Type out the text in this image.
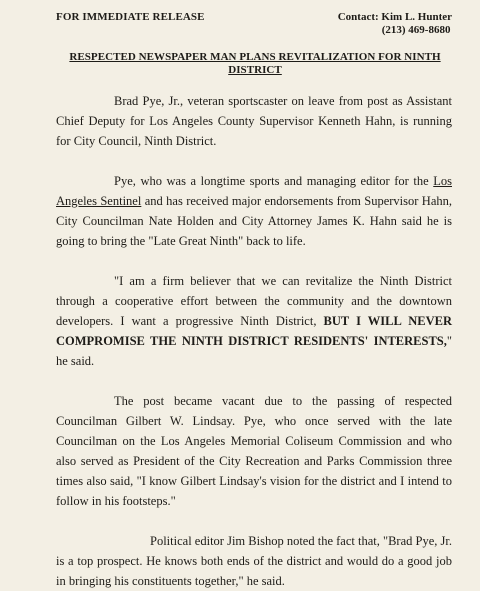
FOR IMMEDIATE RELEASE	Contact: Kim L. Hunter
(213) 469-8680
RESPECTED NEWSPAPER MAN PLANS REVITALIZATION FOR NINTH DISTRICT

Brad Pye, Jr., veteran sportscaster on leave from post as Assistant Chief Deputy for Los Angeles County Supervisor Kenneth Hahn, is running for City Council, Ninth District.

Pye, who was a longtime sports and managing editor for the Los Angeles Sentinel and has received major endorsements from Supervisor Hahn, City Councilman Nate Holden and City Attorney James K. Hahn said he is going to bring the "Late Great Ninth" back to life.

"I am a firm believer that we can revitalize the Ninth District through a cooperative effort between the community and the downtown developers. I want a progressive Ninth District, BUT I WILL NEVER COMPROMISE THE NINTH DISTRICT RESIDENTS' INTERESTS," he said.

The post became vacant due to the passing of respected Councilman Gilbert W. Lindsay. Pye, who once served with the late Councilman on the Los Angeles Memorial Coliseum Commission and who also served as President of the City Recreation and Parks Commission three times also said, "I know Gilbert Lindsay's vision for the district and I intend to follow in his footsteps."

Political editor Jim Bishop noted the fact that, "Brad Pye, Jr. is a top prospect. He knows both ends of the district and would do a good job in bringing his constituents together," he said.
